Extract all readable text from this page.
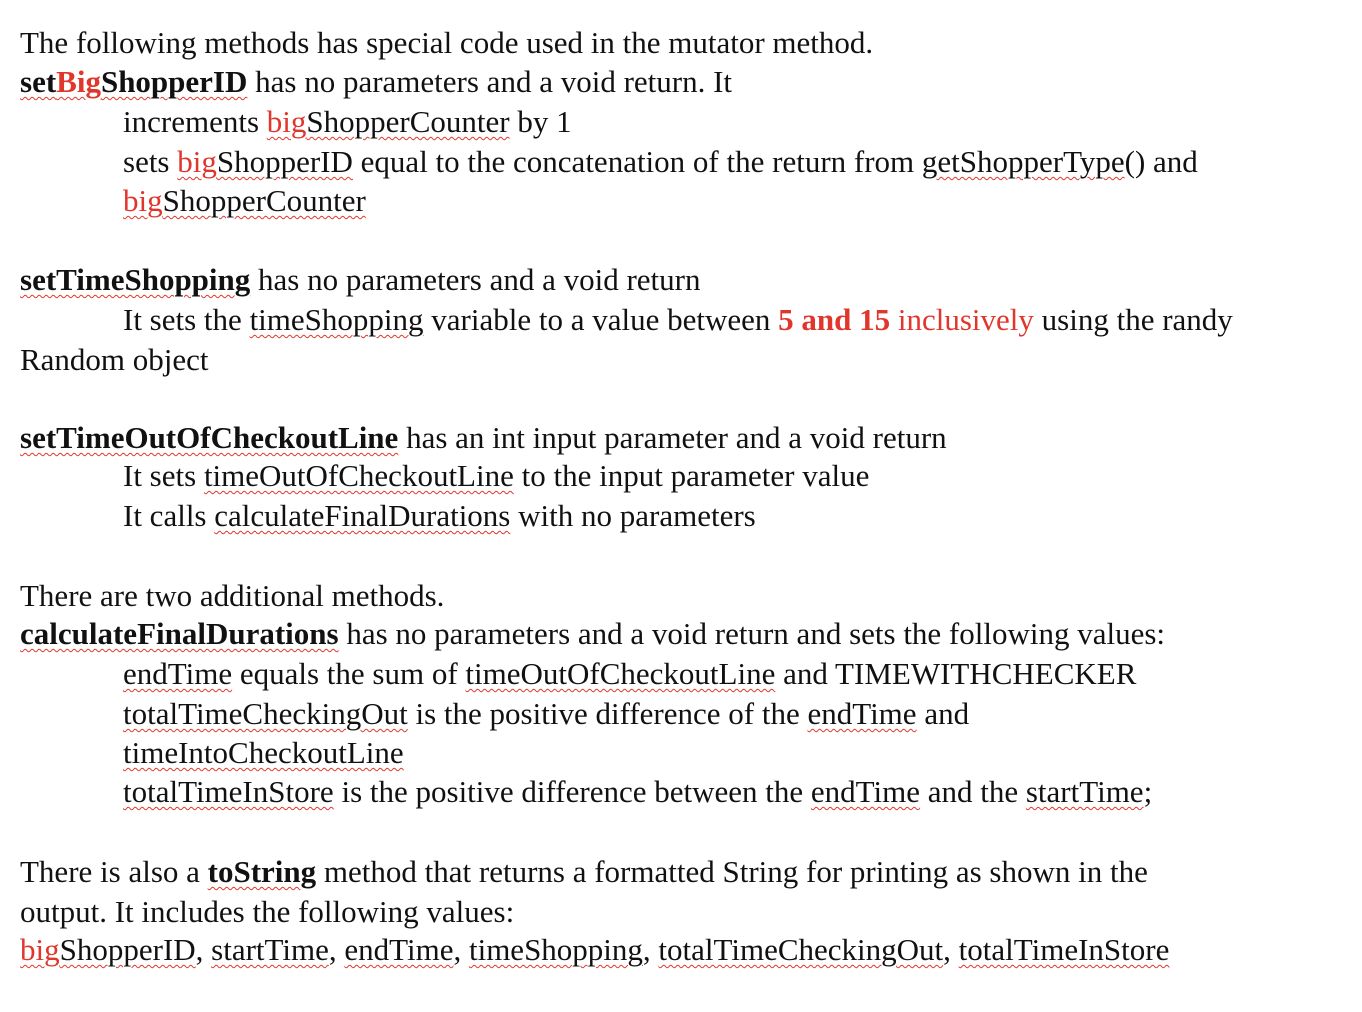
The following methods has special code used in the mutator method.
setBigShopperID has no parameters and a void return. It
increments bigShopperCounter by 1
sets bigShopperID equal to the concatenation of the return from getShopperType() and
bigShopperCounter
setTimeShopping has no parameters and a void return
It sets the timeShopping variable to a value between 5 and 15 inclusively using the randy
Random object
setTimeOutOfCheckoutLine has an int input parameter and a void return
It sets timeOutOfCheckoutLine to the input parameter value
It calls calculateFinalDurations with no parameters
There are two additional methods.
calculateFinalDurations has no parameters and a void return and sets the following values:
endTime equals the sum of timeOutOfCheckoutLine and TIMEWITHCHECKER
totalTimeCheckingOut is the positive difference of the endTime and
timeIntoCheckoutLine
totalTimeInStore is the positive difference between the endTime and the startTime;
There is also a toString method that returns a formatted String for printing as shown in the
output. It includes the following values:
bigShopperID, startTime, endTime, timeShopping, totalTimeCheckingOut, totalTimeInStore
